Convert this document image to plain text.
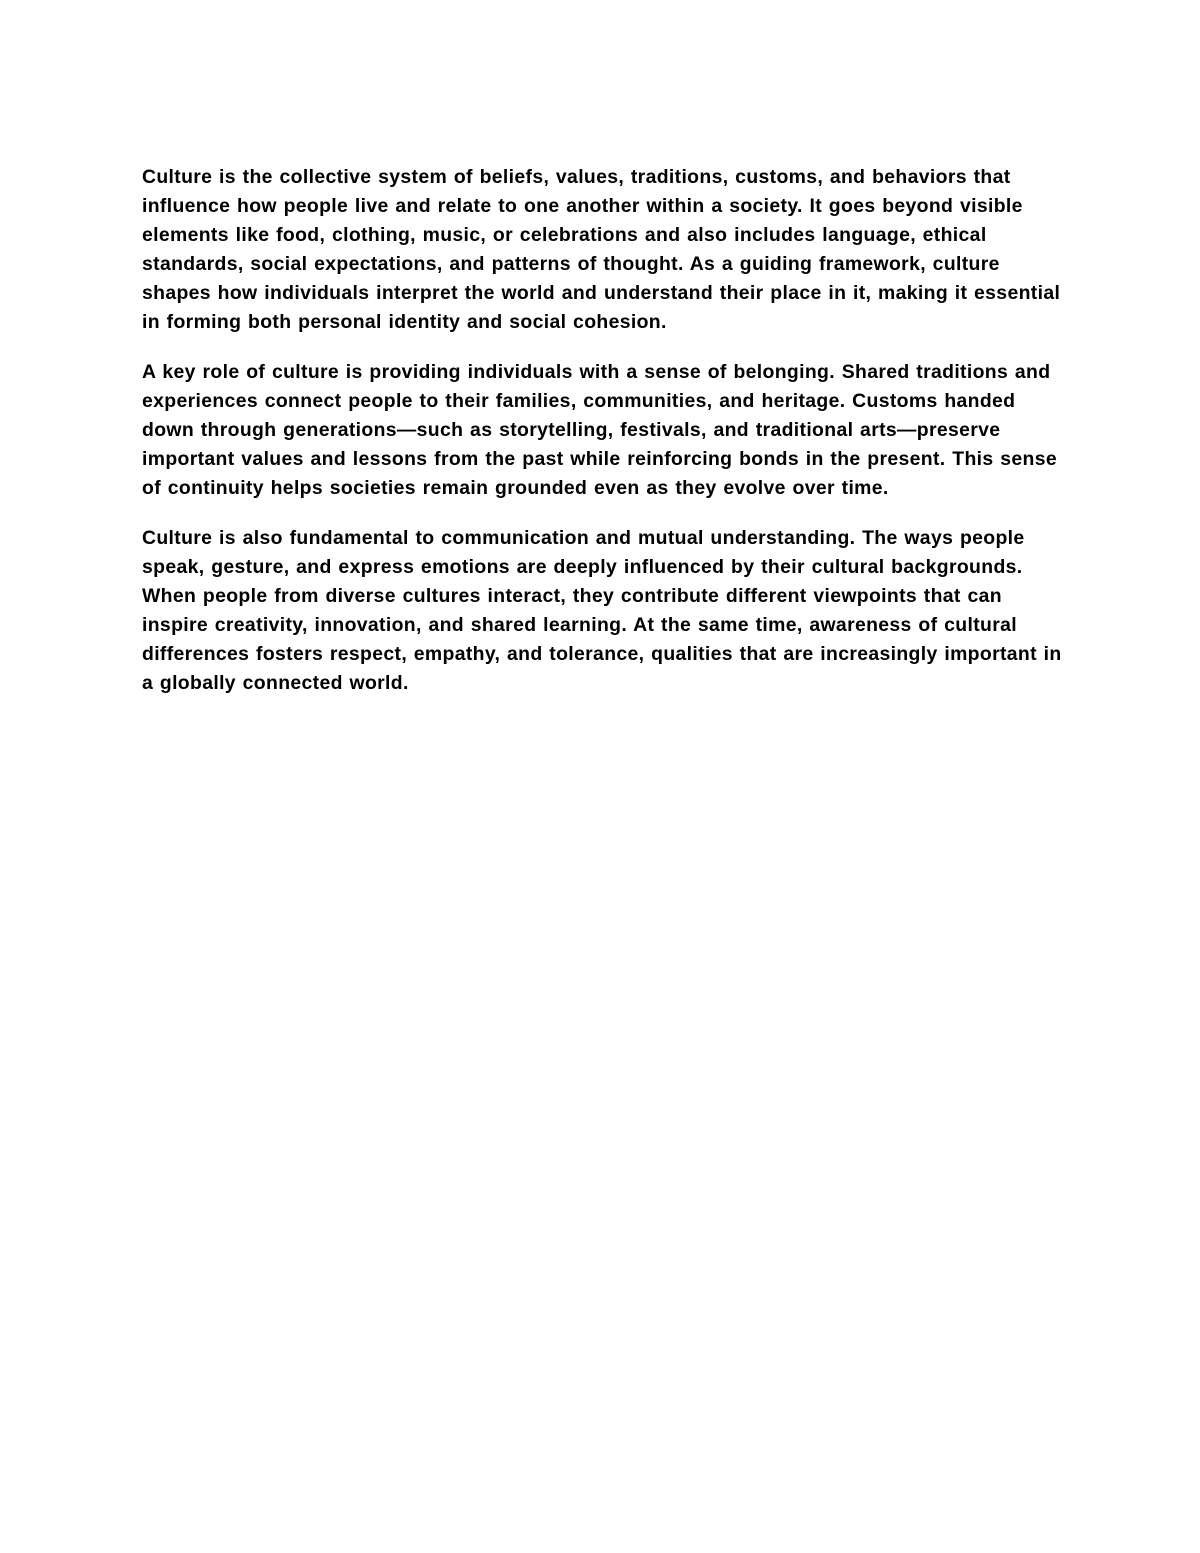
Culture is the collective system of beliefs, values, traditions, customs, and behaviors that influence how people live and relate to one another within a society. It goes beyond visible elements like food, clothing, music, or celebrations and also includes language, ethical standards, social expectations, and patterns of thought. As a guiding framework, culture shapes how individuals interpret the world and understand their place in it, making it essential in forming both personal identity and social cohesion.

A key role of culture is providing individuals with a sense of belonging. Shared traditions and experiences connect people to their families, communities, and heritage. Customs handed down through generations—such as storytelling, festivals, and traditional arts—preserve important values and lessons from the past while reinforcing bonds in the present. This sense of continuity helps societies remain grounded even as they evolve over time.

Culture is also fundamental to communication and mutual understanding. The ways people speak, gesture, and express emotions are deeply influenced by their cultural backgrounds. When people from diverse cultures interact, they contribute different viewpoints that can inspire creativity, innovation, and shared learning. At the same time, awareness of cultural differences fosters respect, empathy, and tolerance, qualities that are increasingly important in a globally connected world.
